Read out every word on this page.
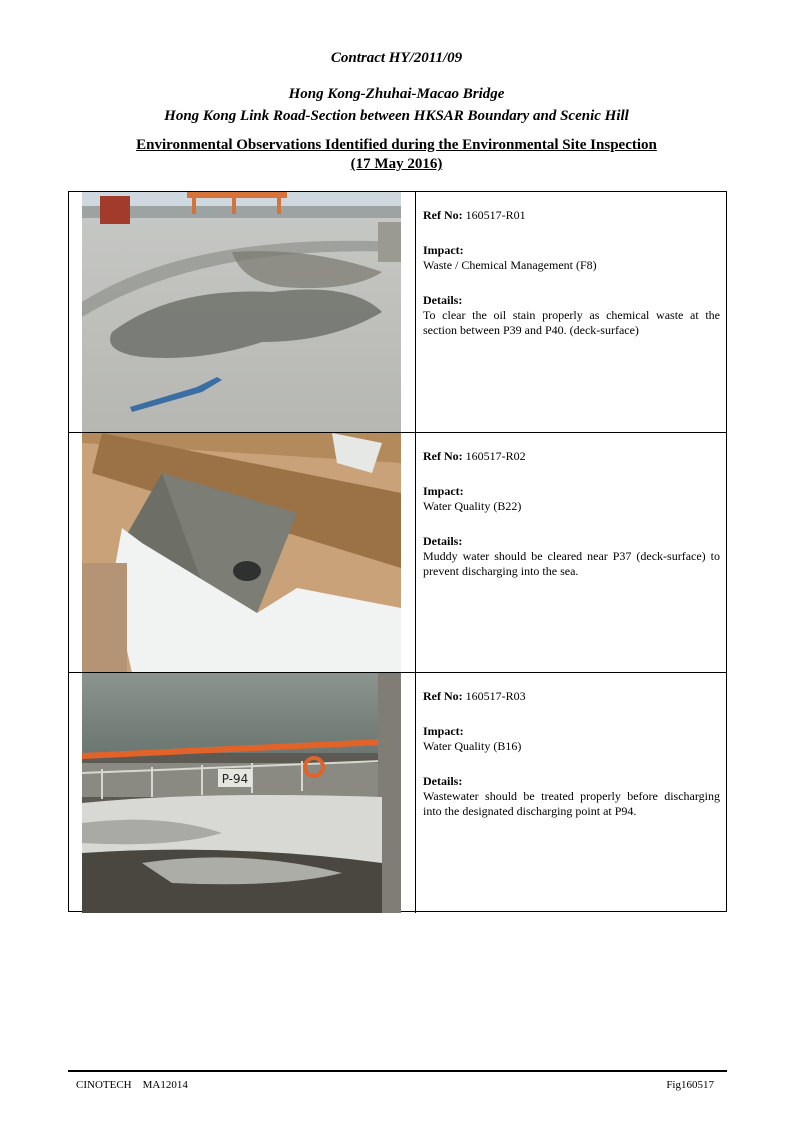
Contract HY/2011/09
Hong Kong-Zhuhai-Macao Bridge
Hong Kong Link Road-Section between HKSAR Boundary and Scenic Hill
Environmental Observations Identified during the Environmental Site Inspection
(17 May 2016)

Ref No: 160517-R01

Impact:
Waste / Chemical Management (F8)

Details:
To clear the oil stain properly as chemical waste at the section between P39 and P40. (deck-surface)

Ref No: 160517-R02

Impact:
Water Quality (B22)

Details:
Muddy water should be cleared near P37 (deck-surface) to prevent discharging into the sea.

P-94

Ref No: 160517-R03

Impact:
Water Quality (B16)

Details:
Wastewater should be treated properly before discharging into the designated discharging point at P94.

CINOTECH    MA12014	Fig160517
